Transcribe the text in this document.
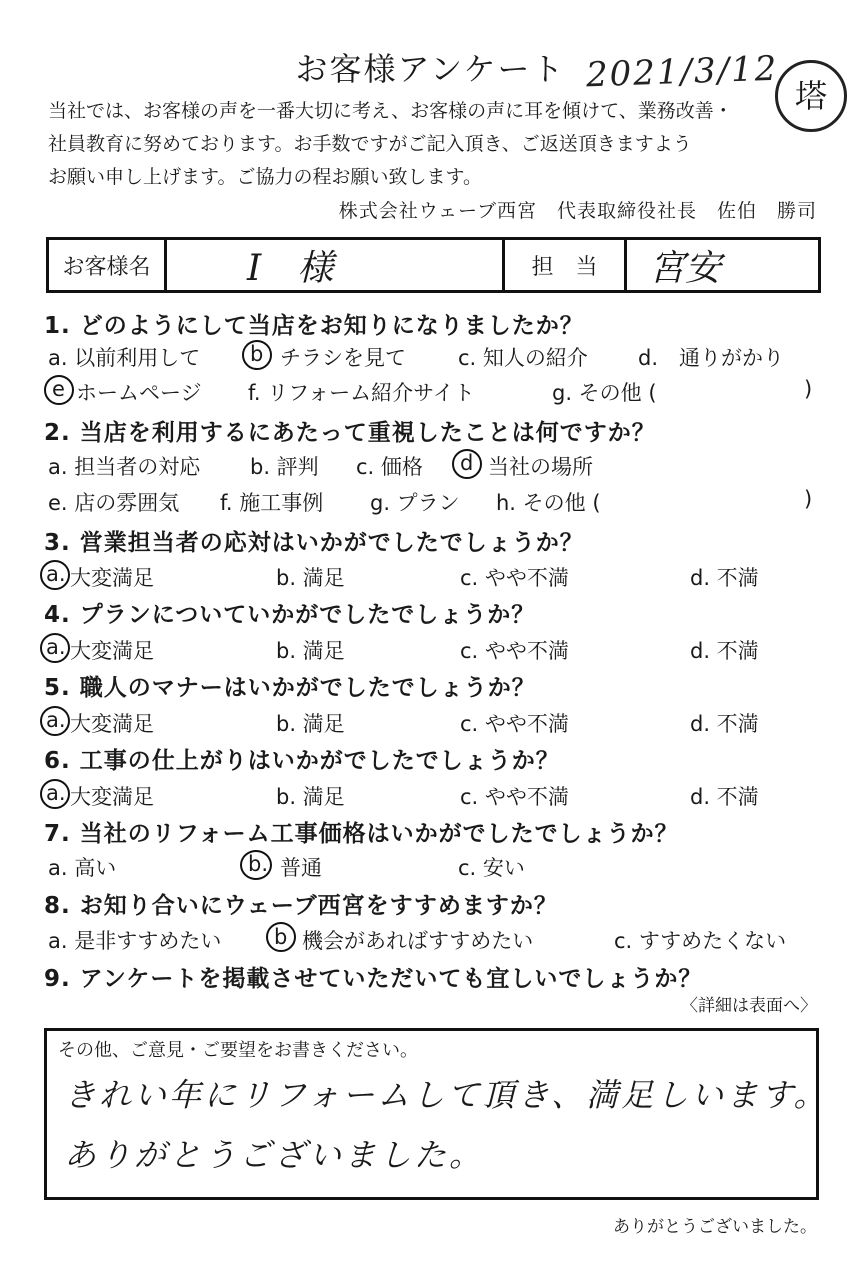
お客様アンケート 2021/3/12
塔
当社では、お客様の声を一番大切に考え、お客様の声に耳を傾けて、業務改善・
社員教育に努めております。お手数ですがご記入頂き、ご返送頂きますよう
お願い申し上げます。ご協力の程お願い致します。
株式会社ウェーブ西宮　代表取締役社長　佐伯　勝司
お客様名	I　様	担　当	宮安
1. どのようにして当店をお知りになりましたか？
a. 以前利用して b チラシを見て c. 知人の紹介 d.　通りがかり
e ホームページ f. リフォーム紹介サイト	g. その他 (	)
2. 当店を利用するにあたって重視したことは何ですか？
a. 担当者の対応 b. 評判 c. 価格 d 当社の場所
e. 店の雰囲気 f. 施工事例 g. プラン h. その他 (	)
3. 営業担当者の応対はいかがでしたでしょうか？
a. 大変満足	b. 満足	c. やや不満	d. 不満
4. プランについていかがでしたでしょうか？
a. 大変満足	b. 満足	c. やや不満	d. 不満
5. 職人のマナーはいかがでしたでしょうか？
a. 大変満足	b. 満足	c. やや不満	d. 不満
6. 工事の仕上がりはいかがでしたでしょうか？
a. 大変満足	b. 満足	c. やや不満	d. 不満
7. 当社のリフォーム工事価格はいかがでしたでしょうか？
a. 高い	b. 普通	c. 安い
8. お知り合いにウェーブ西宮をすすめますか？
a. 是非すすめたい	b 機会があればすすめたい	c. すすめたくない
9. アンケートを掲載させていただいても宜しいでしょうか？
〈詳細は表面へ〉
その他、ご意見・ご要望をお書きください。
きれい年にリフォームして頂き、満足しいます。
ありがとうございました。
ありがとうございました。
